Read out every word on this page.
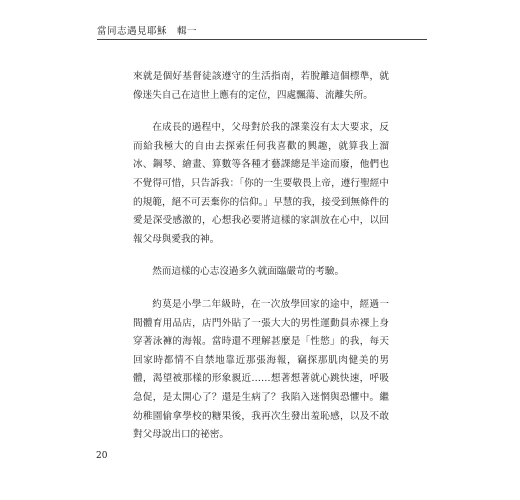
當同志遇見耶穌　輯一

來就是個好基督徒該遵守的生活指南，若脫離這個標準，就像迷失自己在這世上應有的定位，四處飄蕩、流離失所。

在成長的過程中，父母對於我的課業沒有太大要求，反而給我極大的自由去探索任何我喜歡的興趣，就算我上溜冰、鋼琴、繪畫、算數等各種才藝課總是半途而廢，他們也不覺得可惜，只告訴我：「你的一生要敬畏上帝，遵行聖經中的規範，絕不可丟棄你的信仰。」早慧的我，接受到無條件的愛是深受感激的，心想我必要將這樣的家訓放在心中，以回報父母與愛我的神。

然而這樣的心志沒過多久就面臨嚴苛的考驗。

約莫是小學二年級時，在一次放學回家的途中，經過一間體育用品店，店門外貼了一張大大的男性運動員赤裸上身穿著泳褲的海報。當時還不理解甚麼是「性慾」的我，每天回家時都情不自禁地靠近那張海報，竊探那肌肉健美的男體，渴望被那樣的形象親近……想著想著就心跳快速，呼吸急促，是太開心了？還是生病了？我陷入迷惘與恐懼中。繼幼稚園偷拿學校的糖果後，我再次生發出羞恥感，以及不敢對父母說出口的祕密。

20
